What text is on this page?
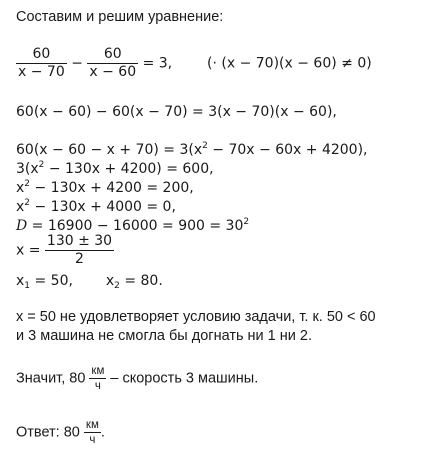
Составим и решим уравнение:
$\frac{60}{x - 70} - \frac{60}{x - 60} = 3$, (· (x − 70)(x − 60) ≠ 0)
60(x − 60) − 60(x − 70) = 3(x − 70)(x − 60),
$60(x - 60 - x + 70) = 3(x^2 - 70x - 60x + 4200)$,
$3(x^2 - 130x + 4200) = 600$,
$x^2 - 130x + 4200 = 200$,
$x^2 - 130x + 4000 = 0$,
$D = 16900 - 16000 = 900 = 30^2$
$x = \frac{130 \pm 30}{2}$
$x_1 = 50$, $x_2 = 80$.
x = 50 не удовлетворяет условию задачи, т. к. 50 < 60
и 3 машина не смогла бы догнать ни 1 ни 2.
Значит, $80 \frac{км}{ч}$ – скорость 3 машины.
Ответ: $80 \frac{км}{ч}$ .
